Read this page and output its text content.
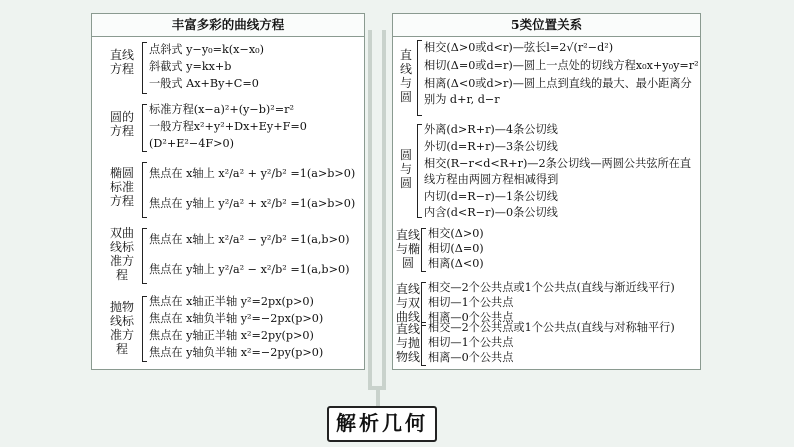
丰富多彩的曲线方程
直线
方程
点斜式 y−y₀=k(x−x₀)
斜截式 y=kx+b
一般式 Ax+By+C=0
圆的
方程
标准方程(x−a)²+(y−b)²=r²
一般方程x²+y²+Dx+Ey+F=0
(D²+E²−4F>0)
椭圆
标准
方程
焦点在 x轴上 x²/a² + y²/b² =1(a>b>0)
焦点在 y轴上 y²/a² + x²/b² =1(a>b>0)
双曲
线标
准方
程
焦点在 x轴上 x²/a² − y²/b² =1(a,b>0)
焦点在 y轴上 y²/a² − x²/b² =1(a,b>0)
抛物
线标
准方
程
焦点在 x轴正半轴 y²=2px(p>0)
焦点在 x轴负半轴 y²=−2px(p>0)
焦点在 y轴正半轴 x²=2py(p>0)
焦点在 y轴负半轴 x²=−2py(p>0)
5类位置关系
直
线
与
圆
相交(Δ>0或d<r)—弦长l=2√(r²−d²)
相切(Δ=0或d=r)—圆上一点处的切线方程x₀x+y₀y=r²
相离(Δ<0或d>r)—圆上点到直线的最大、最小距离分别为 d+r, d−r
圆
与
圆
外离(d>R+r)—4条公切线
外切(d=R+r)—3条公切线
相交(R−r<d<R+r)—2条公切线—两圆公共弦所在直线方程由两圆方程相减得到
内切(d=R−r)—1条公切线
内含(d<R−r)—0条公切线
直线
与椭
圆
相交(Δ>0)
相切(Δ=0)
相离(Δ<0)
直线
与双
曲线
相交—2个公共点或1个公共点(直线与渐近线平行)
相切—1个公共点
相离—0个公共点
直线
与抛
物线
相交—2个公共点或1个公共点(直线与对称轴平行)
相切—1个公共点
相离—0个公共点
解析几何
